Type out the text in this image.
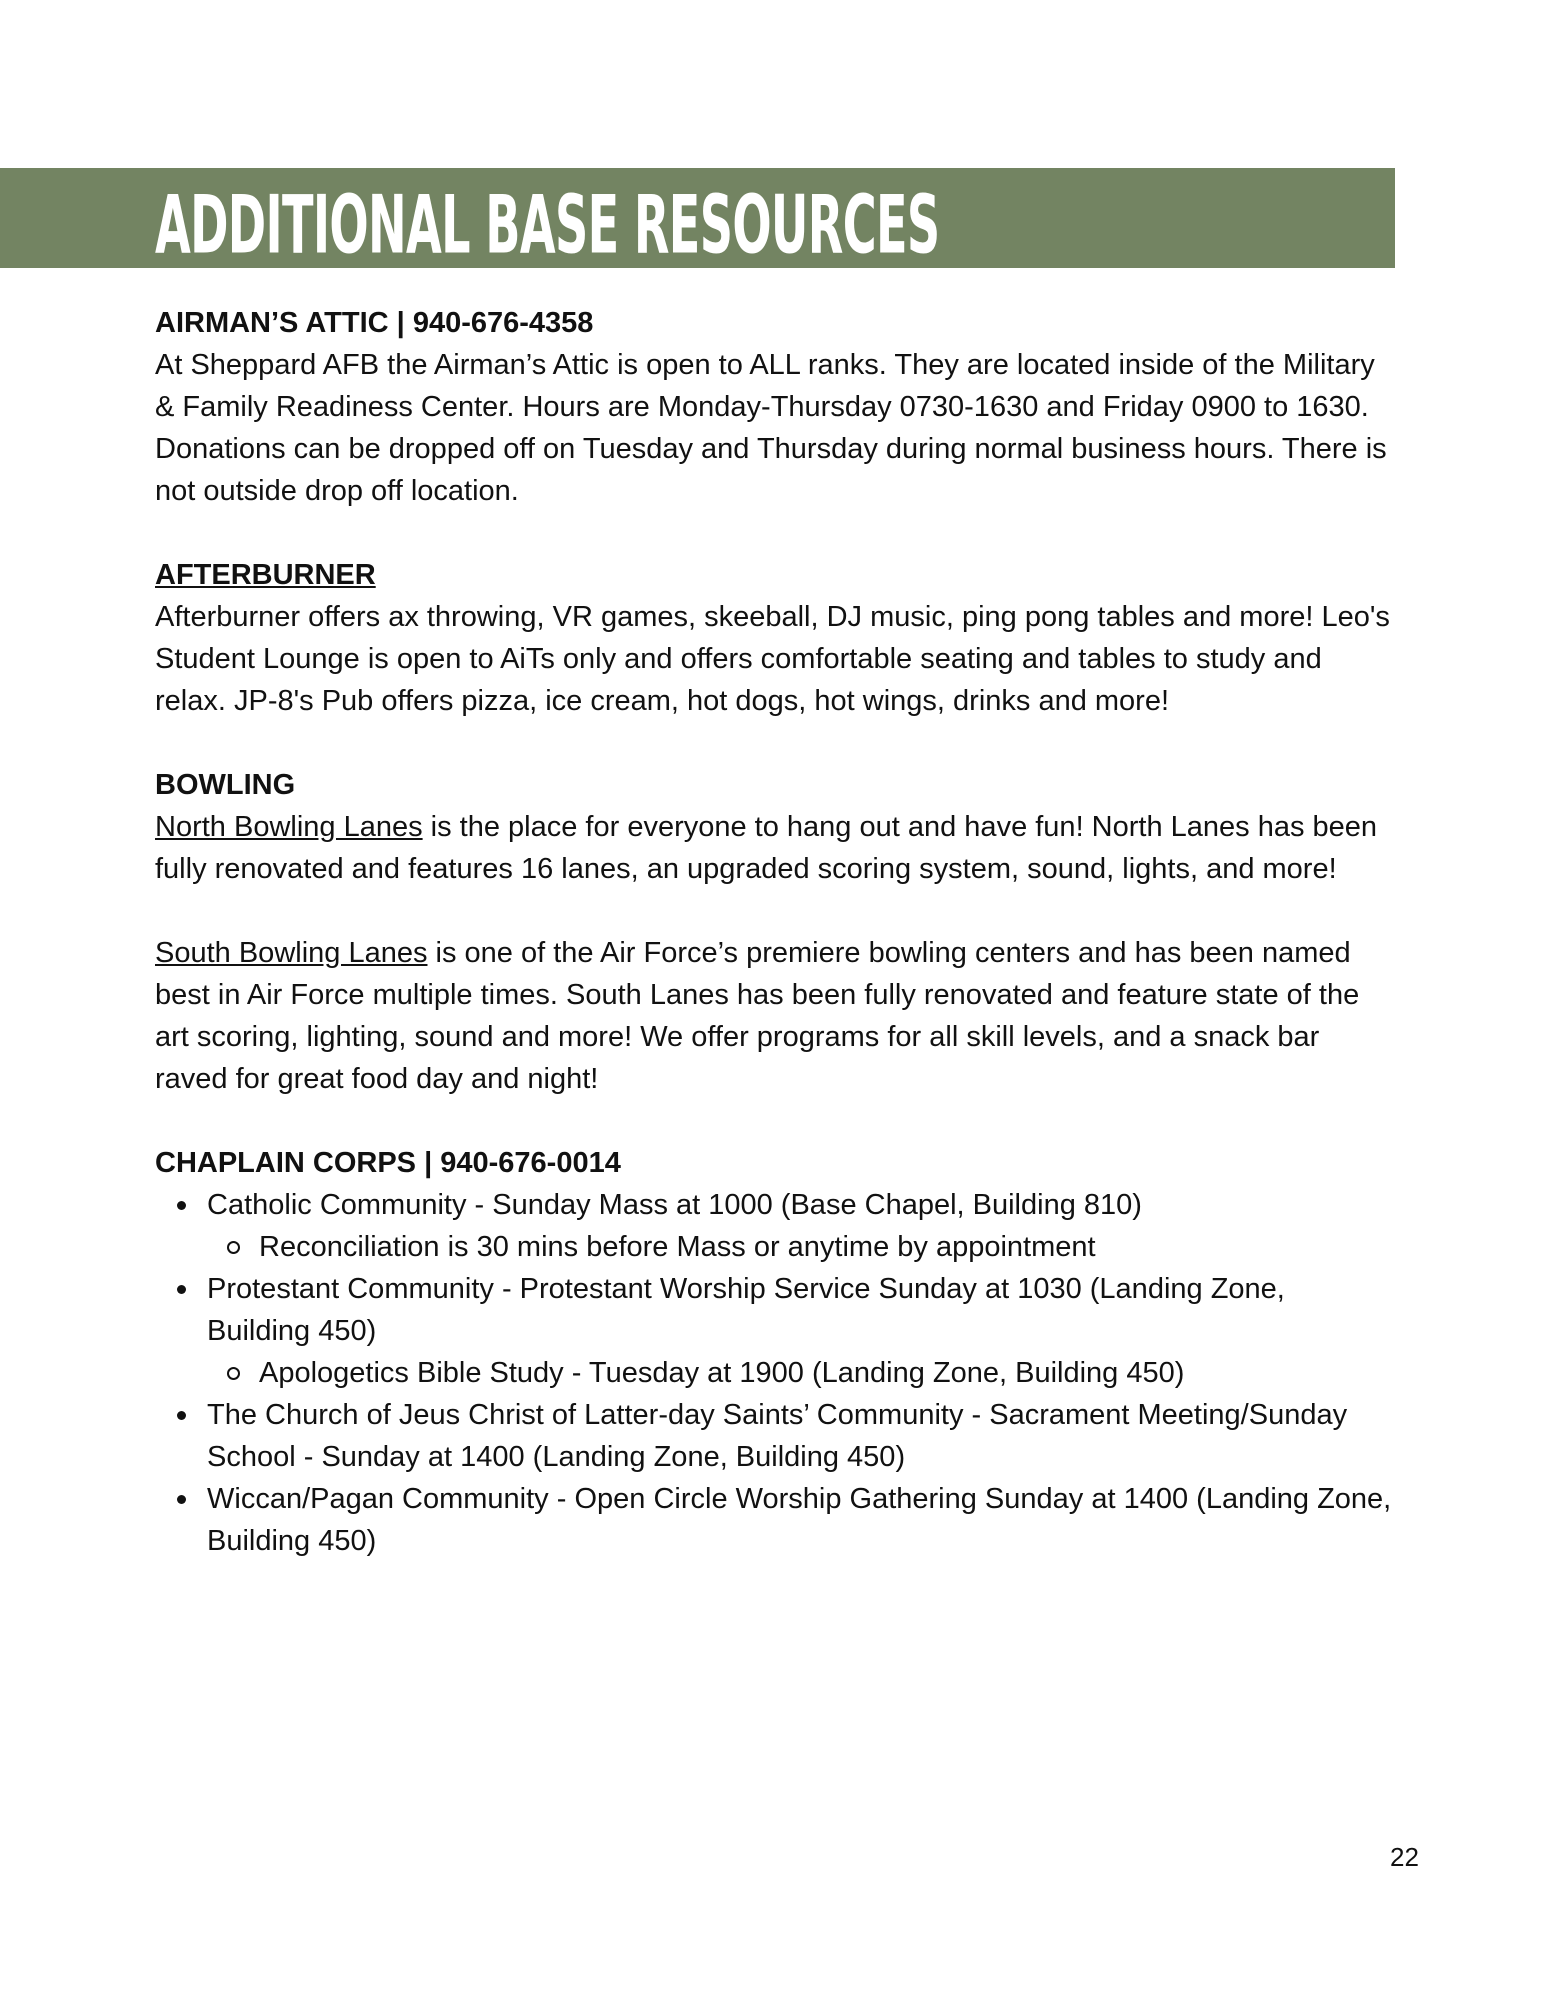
ADDITIONAL BASE RESOURCES
AIRMAN’S ATTIC | 940-676-4358

At Sheppard AFB the Airman’s Attic is open to ALL ranks. They are located inside of the Military & Family Readiness Center. Hours are Monday-Thursday 0730-1630 and Friday 0900 to 1630. Donations can be dropped off on Tuesday and Thursday during normal business hours. There is not outside drop off location.

AFTERBURNER

Afterburner offers ax throwing, VR games, skeeball, DJ music, ping pong tables and more! Leo's Student Lounge is open to AiTs only and offers comfortable seating and tables to study and relax. JP-8's Pub offers pizza, ice cream, hot dogs, hot wings, drinks and more!

BOWLING

North Bowling Lanes is the place for everyone to hang out and have fun! North Lanes has been fully renovated and features 16 lanes, an upgraded scoring system, sound, lights, and more!

South Bowling Lanes is one of the Air Force’s premiere bowling centers and has been named best in Air Force multiple times. South Lanes has been fully renovated and feature state of the art scoring, lighting, sound and more! We offer programs for all skill levels, and a snack bar raved for great food day and night!

CHAPLAIN CORPS | 940-676-0014
Catholic Community - Sunday Mass at 1000 (Base Chapel, Building 810)
Reconciliation is 30 mins before Mass or anytime by appointment
Protestant Community - Protestant Worship Service Sunday at 1030 (Landing Zone, Building 450)
Apologetics Bible Study - Tuesday at 1900 (Landing Zone, Building 450)
The Church of Jeus Christ of Latter-day Saints’ Community - Sacrament Meeting/Sunday School - Sunday at 1400 (Landing Zone, Building 450)
Wiccan/Pagan Community - Open Circle Worship Gathering Sunday at 1400 (Landing Zone, Building 450)
22
